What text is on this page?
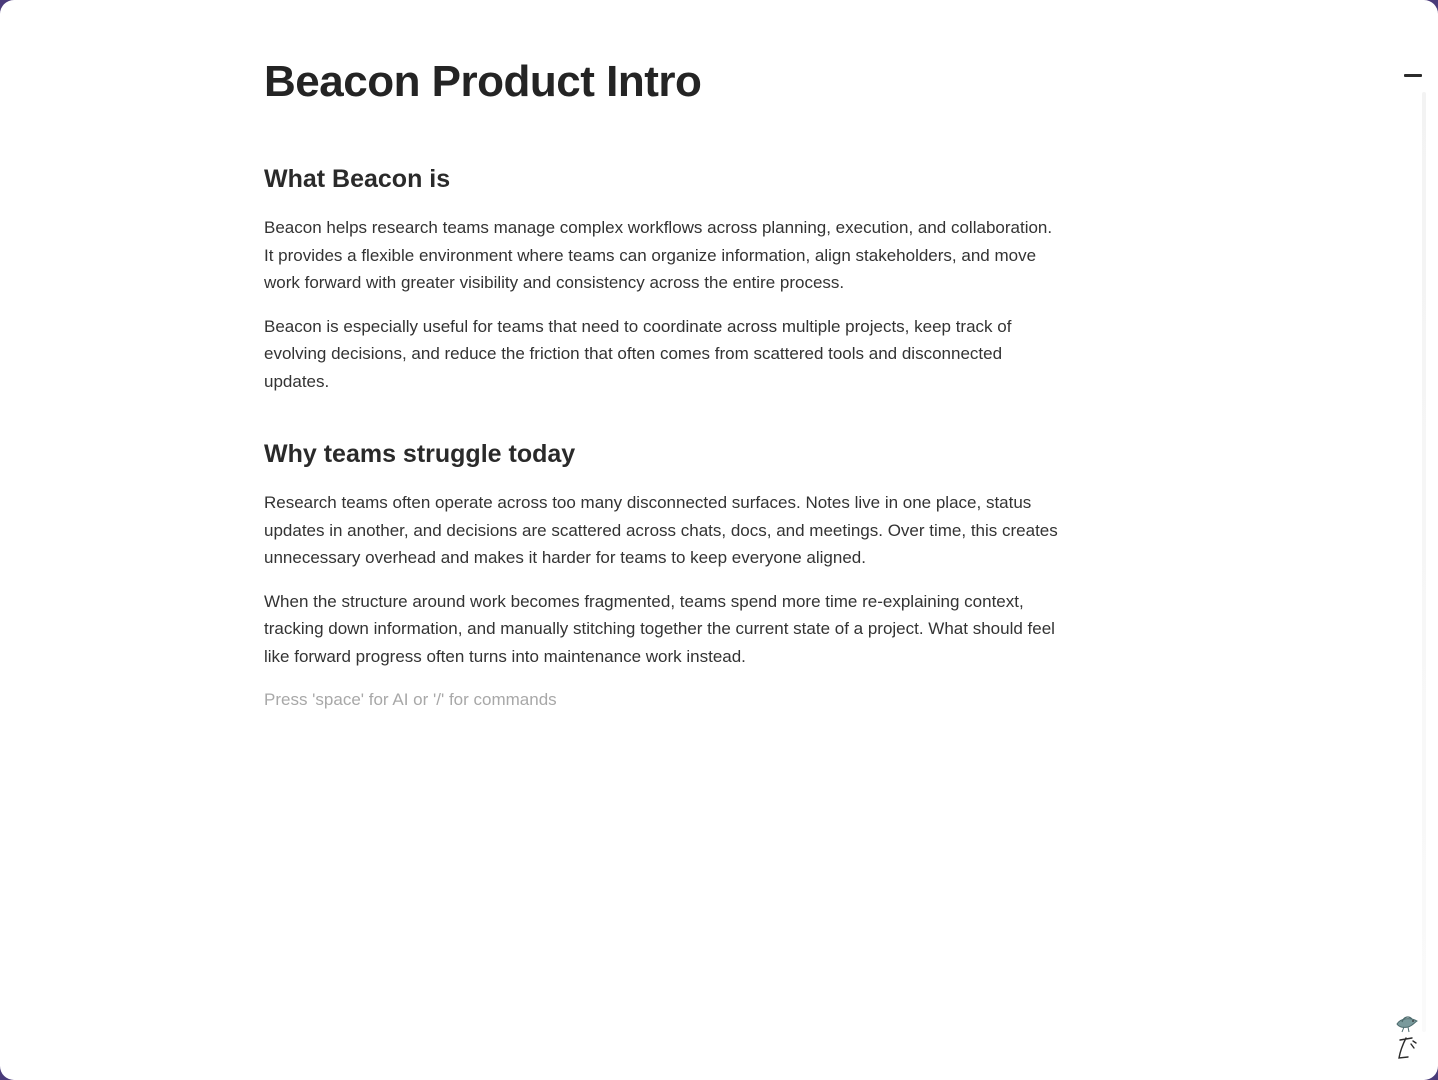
Beacon Product Intro
What Beacon is

Beacon helps research teams manage complex workflows across planning, execution, and collaboration. It provides a flexible environment where teams can organize information, align stakeholders, and move work forward with greater visibility and consistency across the entire process.

Beacon is especially useful for teams that need to coordinate across multiple projects, keep track of evolving decisions, and reduce the friction that often comes from scattered tools and disconnected updates.

Why teams struggle today

Research teams often operate across too many disconnected surfaces. Notes live in one place, status updates in another, and decisions are scattered across chats, docs, and meetings. Over time, this creates unnecessary overhead and makes it harder for teams to keep everyone aligned.

When the structure around work becomes fragmented, teams spend more time re-explaining context, tracking down information, and manually stitching together the current state of a project. What should feel like forward progress often turns into maintenance work instead.

Press 'space' for AI or '/' for commands
